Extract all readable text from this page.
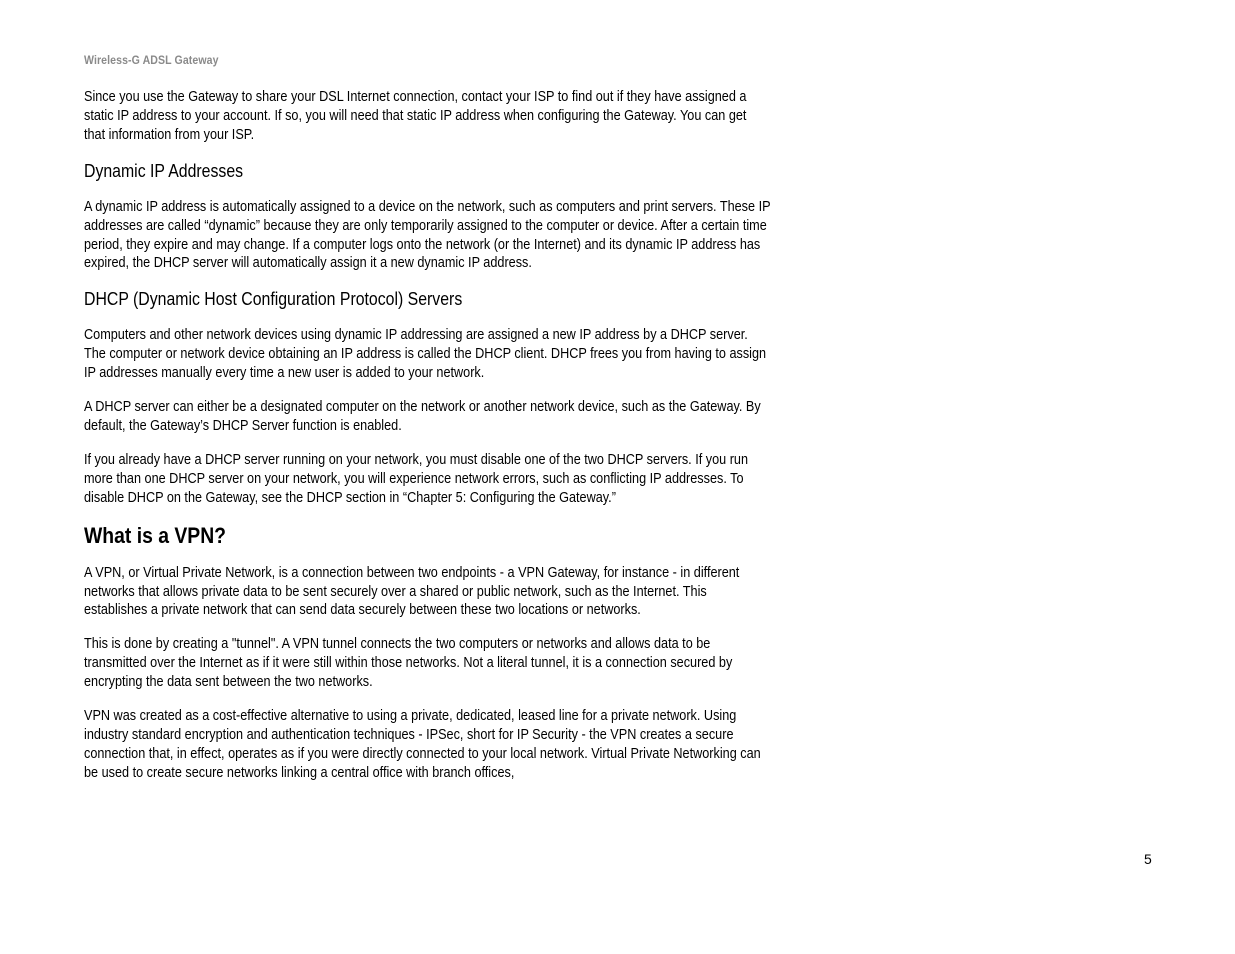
Wireless-G ADSL Gateway

Since you use the Gateway to share your DSL Internet connection, contact your ISP to find out if they have assigned a static IP address to your account. If so, you will need that static IP address when configuring the Gateway. You can get that information from your ISP.

Dynamic IP Addresses

A dynamic IP address is automatically assigned to a device on the network, such as computers and print servers. These IP addresses are called “dynamic” because they are only temporarily assigned to the computer or device. After a certain time period, they expire and may change. If a computer logs onto the network (or the Internet) and its dynamic IP address has expired, the DHCP server will automatically assign it a new dynamic IP address.

DHCP (Dynamic Host Configuration Protocol) Servers

Computers and other network devices using dynamic IP addressing are assigned a new IP address by a DHCP server. The computer or network device obtaining an IP address is called the DHCP client. DHCP frees you from having to assign IP addresses manually every time a new user is added to your network.

A DHCP server can either be a designated computer on the network or another network device, such as the Gateway. By default, the Gateway’s DHCP Server function is enabled.

If you already have a DHCP server running on your network, you must disable one of the two DHCP servers. If you run more than one DHCP server on your network, you will experience network errors, such as conflicting IP addresses. To disable DHCP on the Gateway, see the DHCP section in “Chapter 5: Configuring the Gateway.”

What is a VPN?

A VPN, or Virtual Private Network, is a connection between two endpoints - a VPN Gateway, for instance - in different networks that allows private data to be sent securely over a shared or public network, such as the Internet. This establishes a private network that can send data securely between these two locations or networks.

This is done by creating a "tunnel". A VPN tunnel connects the two computers or networks and allows data to be transmitted over the Internet as if it were still within those networks. Not a literal tunnel, it is a connection secured by encrypting the data sent between the two networks.

VPN was created as a cost-effective alternative to using a private, dedicated, leased line for a private network. Using industry standard encryption and authentication techniques - IPSec, short for IP Security - the VPN creates a secure connection that, in effect, operates as if you were directly connected to your local network. Virtual Private Networking can be used to create secure networks linking a central office with branch offices,

5
